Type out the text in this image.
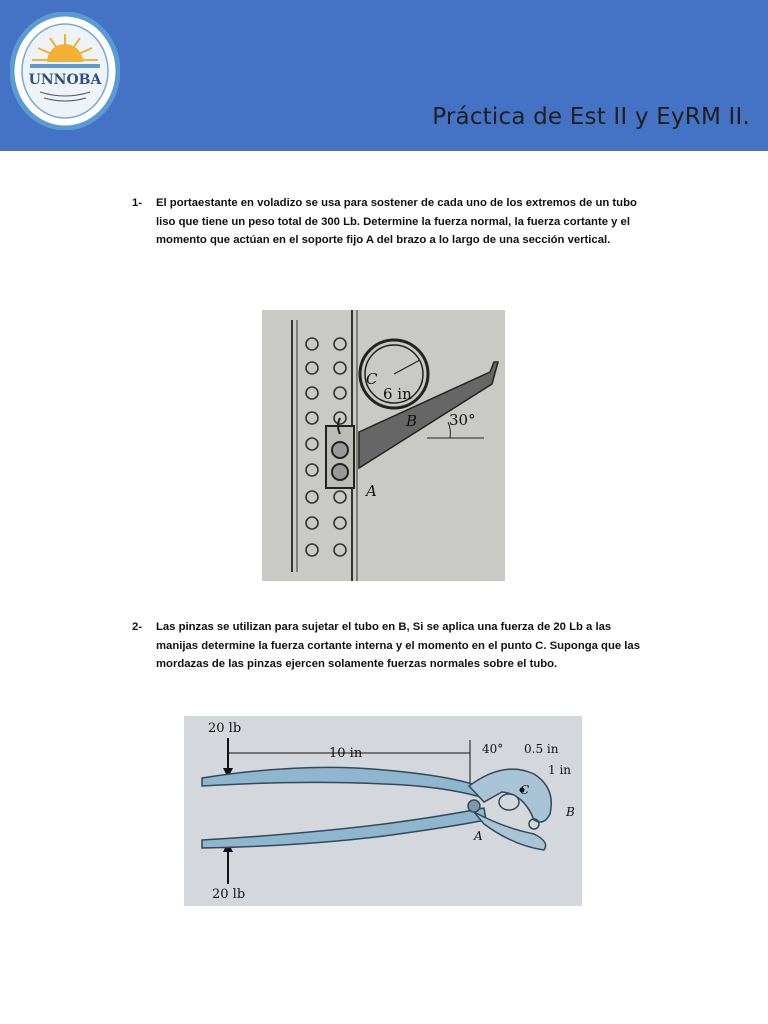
UNNOBA
Práctica de Est II y EyRM II.
1-	El portaestante en voladizo se usa para sostener de cada uno de los extremos de un tubo liso que tiene un peso total de 300 Lb. Determine la fuerza normal, la fuerza cortante y el momento que actúan en el soporte fijo A del brazo a lo largo de una sección vertical.
C
6 in
B 30°
A
2-	Las pinzas se utilizan para sujetar el tubo en B, Si se aplica una fuerza de 20 Lb a las manijas determine la fuerza cortante interna y el momento en el punto C. Suponga que las mordazas de las pinzas ejercen solamente fuerzas normales sobre el tubo.
20 lb
20 lb
10 in	40° 0.5 in
1 in
C
A
B
